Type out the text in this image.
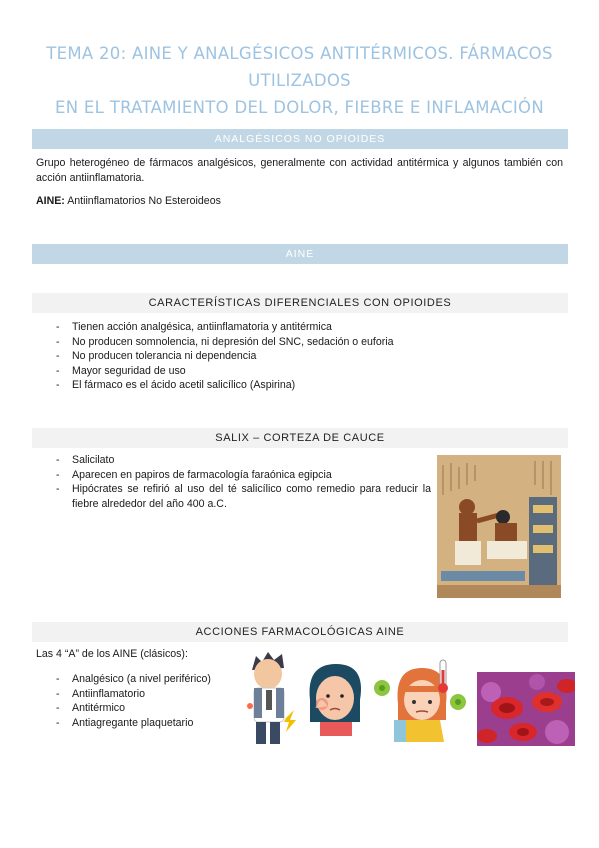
TEMA 20: AINE Y ANALGÉSICOS ANTITÉRMICOS. FÁRMACOS UTILIZADOS
EN EL TRATAMIENTO DEL DOLOR, FIEBRE E INFLAMACIÓN
ANALGÉSICOS NO OPIOIDES

Grupo heterogéneo de fármacos analgésicos, generalmente con actividad antitérmica y algunos también con acción antiinflamatoria.

AINE: Antiinflamatorios No Esteroideos

AINE
CARACTERÍSTICAS DIFERENCIALES CON OPIOIDES
- Tienen acción analgésica, antiinflamatoria y antitérmica
- No producen somnolencia, ni depresión del SNC, sedación o euforia
- No producen tolerancia ni dependencia
- Mayor seguridad de uso
- El fármaco es el ácido acetil salicílico (Aspirina)
SALIX – CORTEZA DE CAUCE
- Salicilato
- Aparecen en papiros de farmacología faraónica egipcia
- Hipócrates se refirió al uso del té salicílico como remedio para reducir la fiebre alrededor del año 400 a.C.
ACCIONES FARMACOLÓGICAS AINE

Las 4 “A” de los AINE (clásicos):

- Analgésico (a nivel periférico)
- Antiinflamatorio
- Antitérmico
- Antiagregante plaquetario
